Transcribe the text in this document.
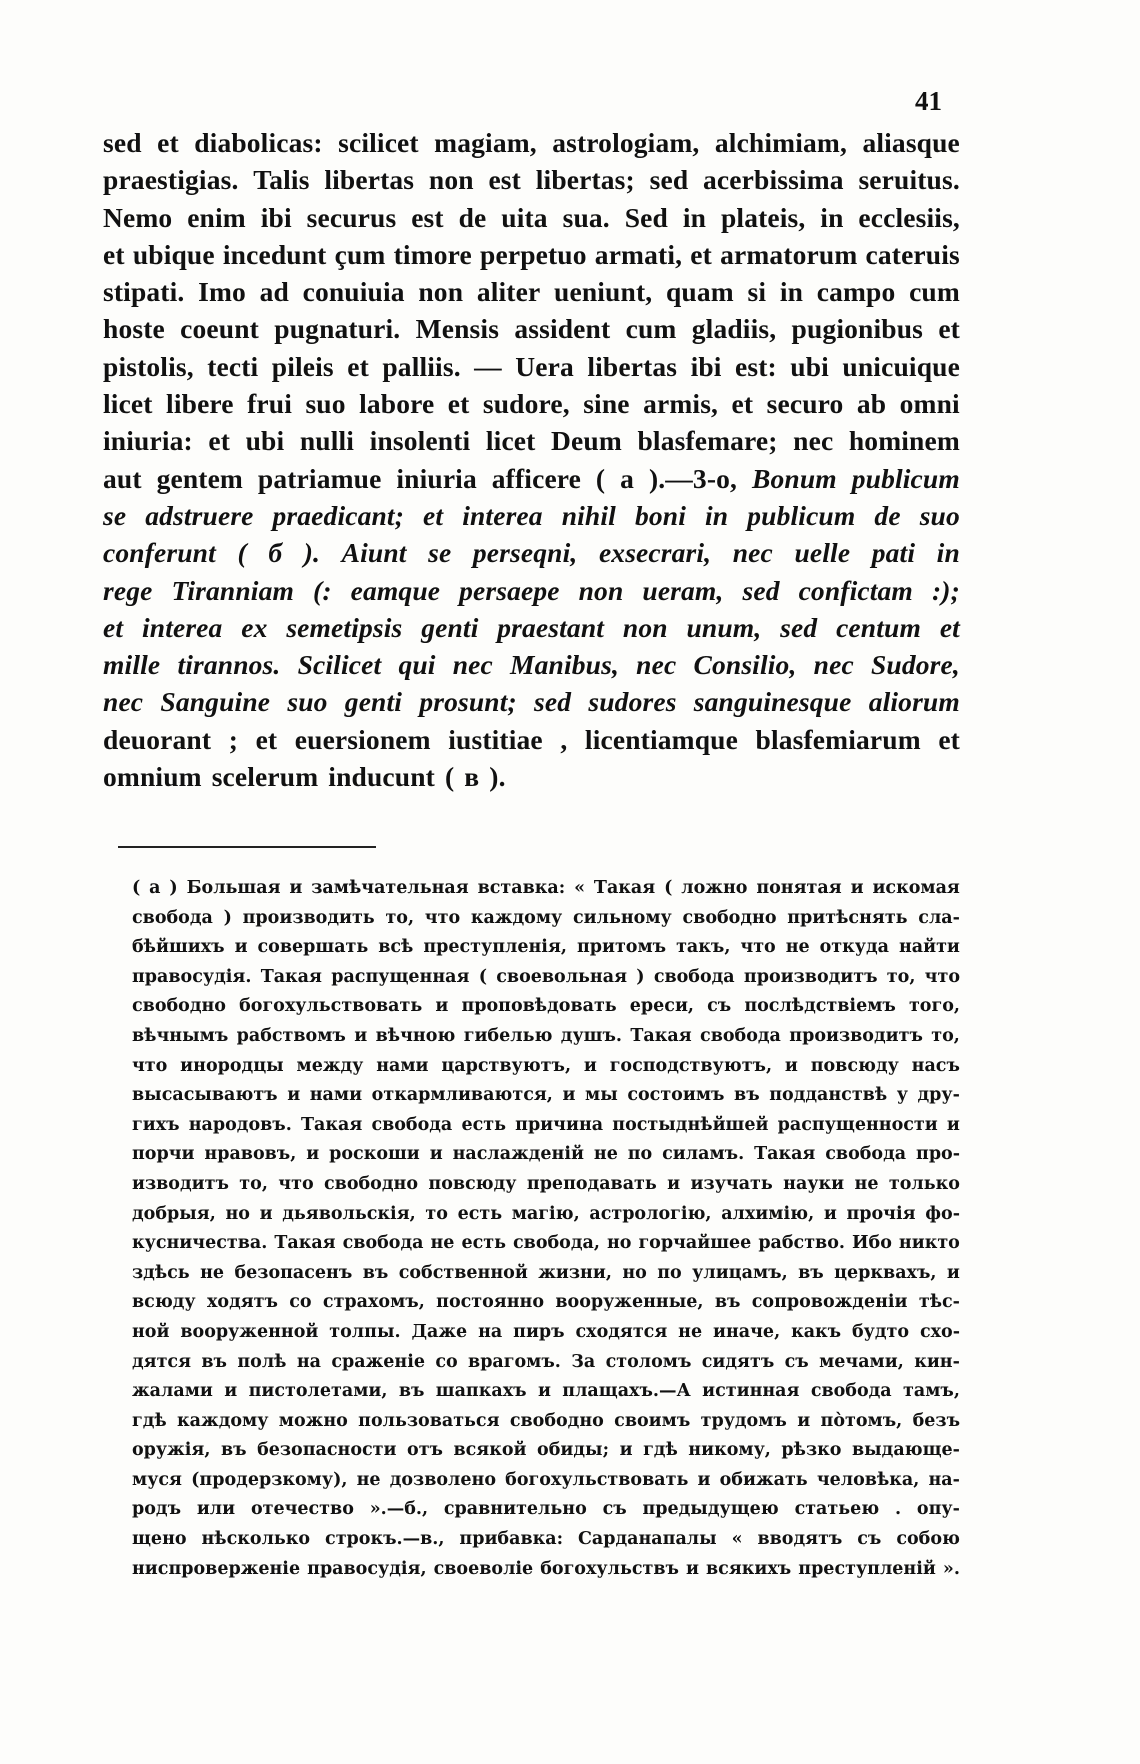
41
sed et diabolicas: scilicet magiam, astrologiam, alchimiam, aliasque
praestigias. Talis libertas non est libertas; sed acerbissima seruitus.
Nemo enim ibi securus est de uita sua. Sed in plateis, in ecclesiis,
et ubique incedunt çum timore perpetuo armati, et armatorum cateruis
stipati. Imo ad conuiuia non aliter ueniunt, quam si in campo cum
hoste coeunt pugnaturi. Mensis assident cum gladiis, pugionibus et
pistolis, tecti pileis et palliis. — Uera libertas ibi est: ubi unicuique
licet libere frui suo labore et sudore, sine armis, et securo ab omni
iniuria: et ubi nulli insolenti licet Deum blasfemare; nec hominem
aut gentem patriamue iniuria afficere ( a ).—3-o, Bonum publicum
se adstruere praedicant; et interea nihil boni in publicum de suo
conferunt ( б ). Aiunt se perseqni, exsecrari, nec uelle pati in
rege Tiranniam (: eamque persaepe non ueram, sed confictam :);
et interea ex semetipsis genti praestant non unum, sed centum et
mille tirannos. Scilicet qui nec Manibus, nec Consilio, nec Sudore,
nec Sanguine suo genti prosunt; sed sudores sanguinesque aliorum
deuorant ; et euersionem iustitiae , licentiamque blasfemiarum et
omnium scelerum inducunt ( в ).
( а ) Большая и замѣчательная вставка: « Такая ( ложно понятая и искомая
свобода ) производить то, что каждому сильному свободно притѣснять сла-
бѣйшихъ и совершать всѣ преступленія, притомъ такъ, что не откуда найти
правосудія. Такая распущенная ( своевольная ) свобода производитъ то, что
свободно богохульствовать и проповѣдовать ереси, съ послѣдствіемъ того,
вѣчнымъ рабствомъ и вѣчною гибелью душъ. Такая свобода производитъ то,
что инородцы между нами царствуютъ, и господствуютъ, и повсюду насъ
высасываютъ и нами откармливаются, и мы состоимъ въ подданствѣ у дру-
гихъ народовъ. Такая свобода есть причина постыднѣйшей распущенности и
порчи нравовъ, и роскоши и наслажденій не по силамъ. Такая свобода про-
изводитъ то, что свободно повсюду преподавать и изучать науки не только
добрыя, но и дьявольскія, то есть магію, астрологію, алхимію, и прочія фо-
кусничества. Такая свобода не есть свобода, но горчайшее рабство. Ибо никто
здѣсь не безопасенъ въ собственной жизни, но по улицамъ, въ церквахъ, и
всюду ходятъ со страхомъ, постоянно вооруженные, въ сопровожденіи тѣс-
ной вооруженной толпы. Даже на пиръ сходятся не иначе, какъ будто схо-
дятся въ полѣ на сраженіе со врагомъ. За столомъ сидятъ съ мечами, кин-
жалами и пистолетами, въ шапкахъ и плащахъ.—А истинная свобода тамъ,
гдѣ каждому можно пользоваться свободно своимъ трудомъ и пòтомъ, безъ
оружія, въ безопасности отъ всякой обиды; и гдѣ никому, рѣзко выдающе-
муся (продерзкому), не дозволено богохульствовать и обижать человѣка, на-
родъ или отечество ».—б., сравнительно съ предыдущею статьею . опу-
щено нѣсколько строкъ.—в., прибавка: Сарданапалы « вводятъ съ собою
ниспроверженіе правосудія, своеволіе богохульствъ и всякихъ преступленій ».
